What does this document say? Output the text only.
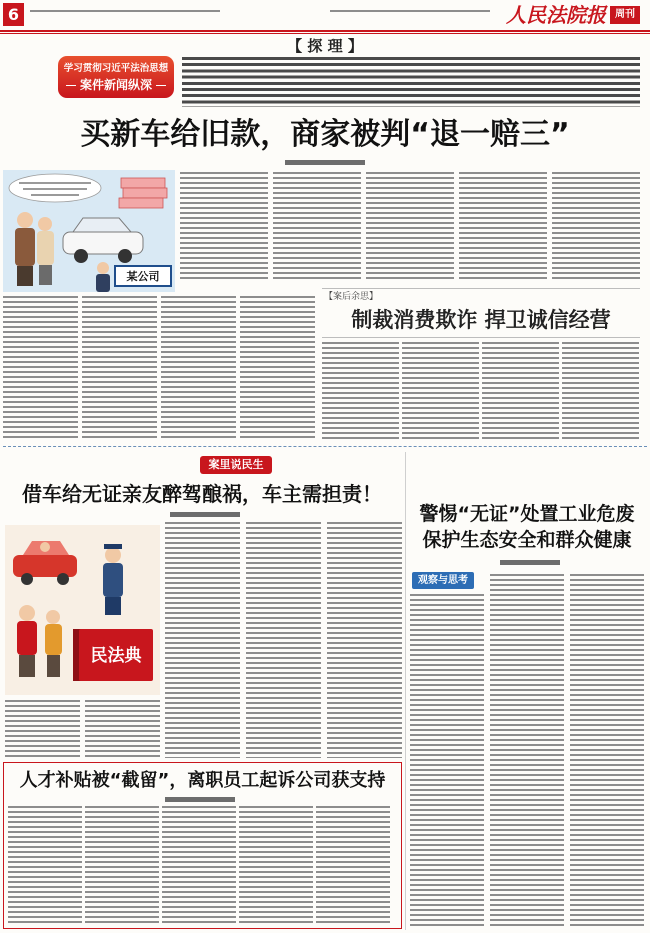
6	人民法院报 周刊
【 探 理 】
学习贯彻习近平法治思想
案件新闻纵深
买新车给旧款，商家被判“退一赔三”
某公司
【案后余思】
制裁消费欺诈 捍卫诚信经营
案里说民生
借车给无证亲友醉驾酿祸，车主需担责！
民法典
人才补贴被“截留”，离职员工起诉公司获支持
警惕“无证”处置工业危废
保护生态安全和群众健康
观察与思考
